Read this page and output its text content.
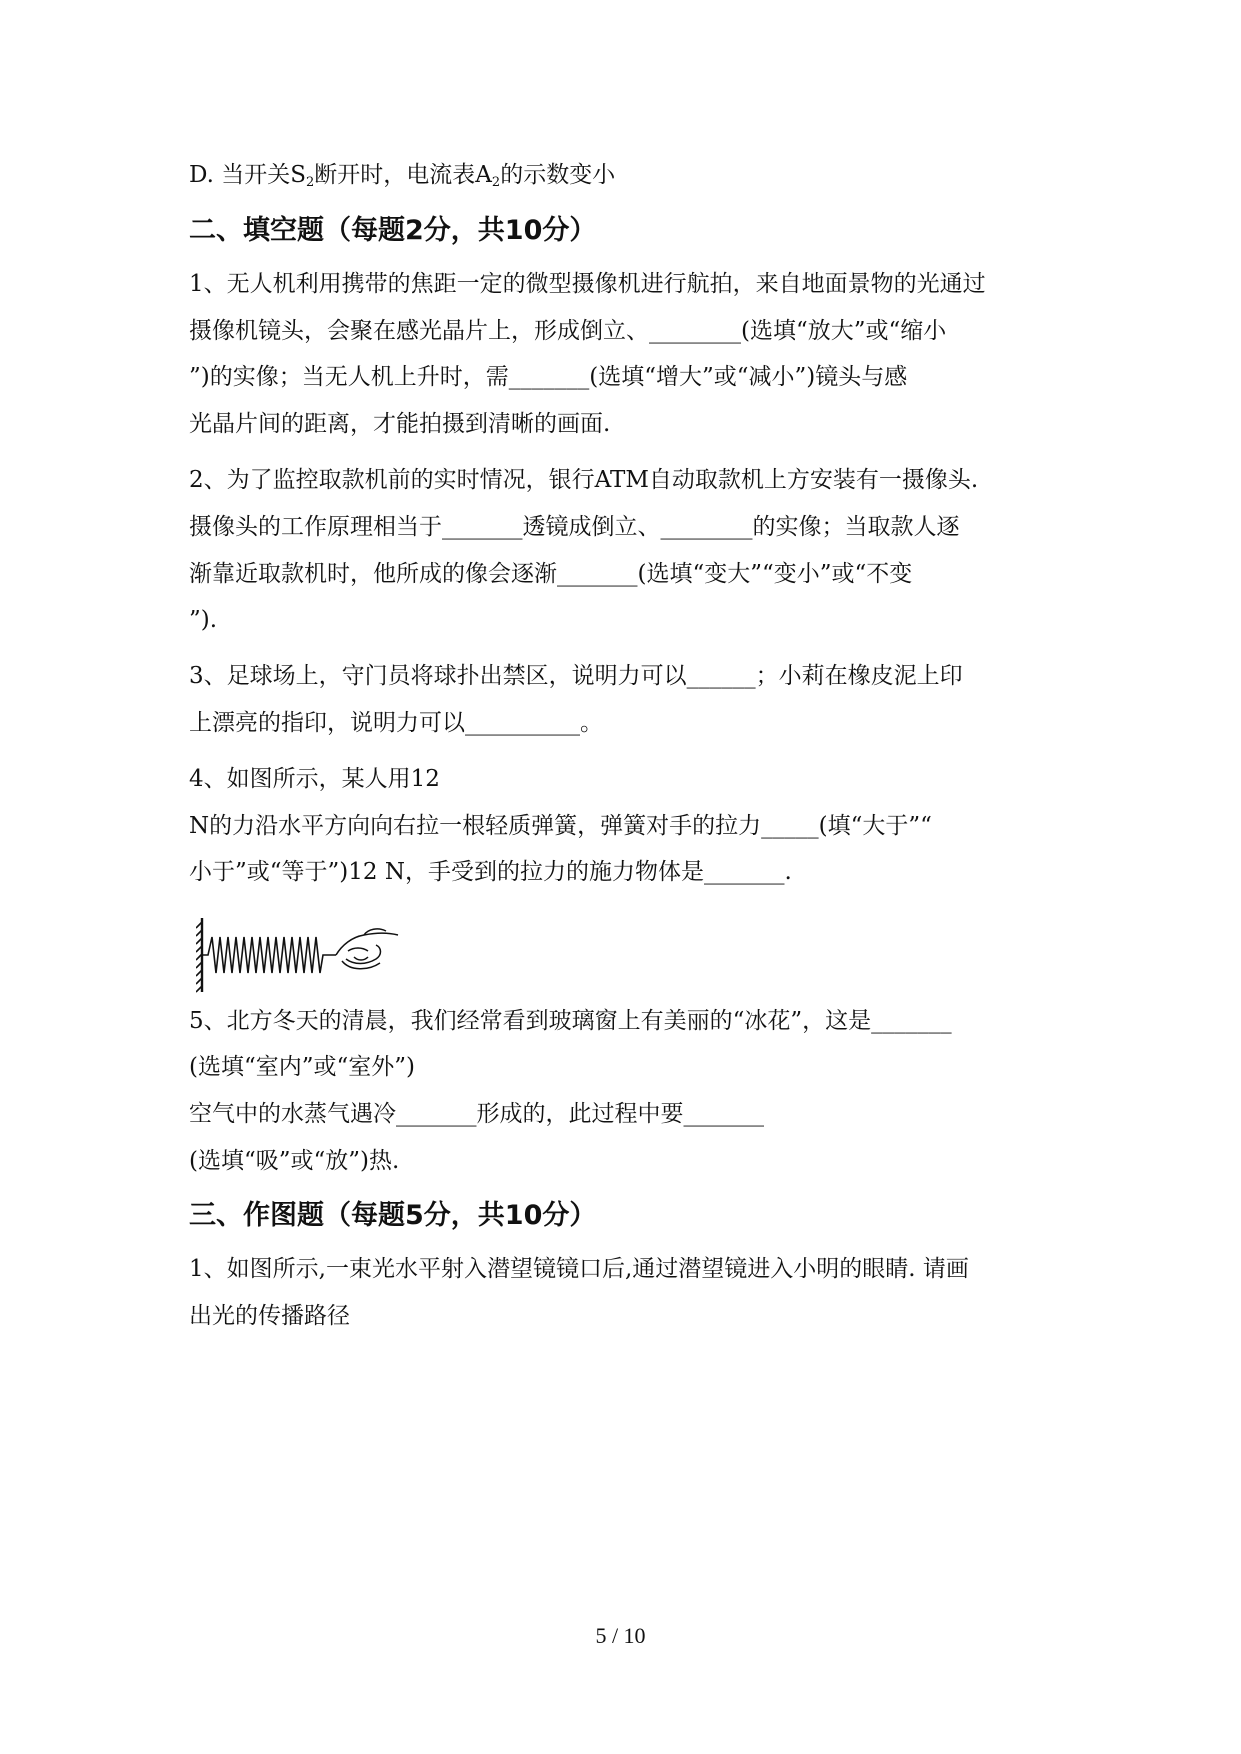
D. 当开关$S_2$断开时，电流表$A_2$的示数变小
二、填空题（每题2分，共10分）
1、无人机利用携带的焦距一定的微型摄像机进行航拍，来自地面景物的光通过
摄像机镜头，会聚在感光晶片上，形成倒立、________(选填“放大”或“缩小
”)的实像；当无人机上升时，需_______(选填“增大”或“减小”)镜头与感
光晶片间的距离，才能拍摄到清晰的画面.
2、为了监控取款机前的实时情况，银行ATM自动取款机上方安装有一摄像头.
摄像头的工作原理相当于_______透镜成倒立、________的实像；当取款人逐
渐靠近取款机时，他所成的像会逐渐_______(选填“变大”“变小”或“不变
”).
3、足球场上，守门员将球扑出禁区，说明力可以______；小莉在橡皮泥上印
上漂亮的指印，说明力可以__________。
4、如图所示，某人用12
N的力沿水平方向向右拉一根轻质弹簧，弹簧对手的拉力_____(填“大于”“
小于”或“等于”)12 N，手受到的拉力的施力物体是_______.
5、北方冬天的清晨，我们经常看到玻璃窗上有美丽的“冰花”，这是_______
(选填“室内”或“室外”)
空气中的水蒸气遇冷_______形成的，此过程中要_______
(选填“吸”或“放”)热.
三、作图题（每题5分，共10分）
1、如图所示,一束光水平射入潜望镜镜口后,通过潜望镜进入小明的眼睛. 请画
出光的传播路径
5 / 10
